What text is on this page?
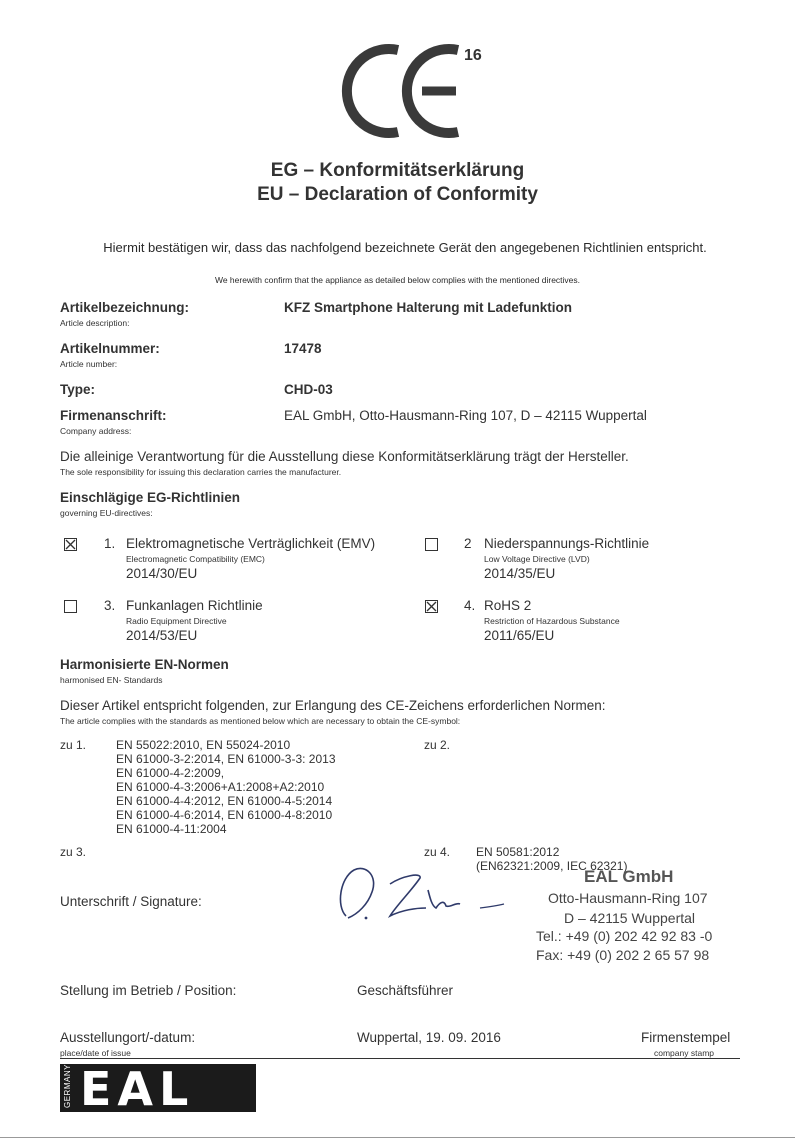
16
EG – Konformitätserklärung
EU – Declaration of Conformity
Hiermit bestätigen wir, dass das nachfolgend bezeichnete Gerät den angegebenen Richtlinien entspricht.
We herewith confirm that the appliance as detailed below complies with the mentioned directives.
Artikelbezeichnung:
Article description:
KFZ Smartphone Halterung mit Ladefunktion
Artikelnummer:
Article number:
17478
Type:	CHD-03
Firmenanschrift:
Company address:
EAL GmbH, Otto-Hausmann-Ring 107, D – 42115 Wuppertal
Die alleinige Verantwortung für die Ausstellung diese Konformitätserklärung trägt der Hersteller.
The sole responsibility for issuing this declaration carries the manufacturer.
Einschlägige EG-Richtlinien
governing EU-directives:
1. Elektromagnetische Verträglichkeit (EMV)
Electromagnetic Compatibility (EMC)
2014/30/EU
2 Niederspannungs-Richtlinie
Low Voltage Directive (LVD)
2014/35/EU
3. Funkanlagen Richtlinie
Radio Equipment Directive
2014/53/EU
4. RoHS 2
Restriction of Hazardous Substance
2011/65/EU
Harmonisierte EN-Normen
harmonised EN- Standards
Dieser Artikel entspricht folgenden, zur Erlangung des CE-Zeichens erforderlichen Normen:
The article complies with the standards as mentioned below which are necessary to obtain the CE-symbol:
zu 1. EN 55022:2010, EN 55024-2010
EN 61000-3-2:2014, EN 61000-3-3: 2013
EN 61000-4-2:2009,
EN 61000-4-3:2006+A1:2008+A2:2010
EN 61000-4-4:2012, EN 61000-4-5:2014
EN 61000-4-6:2014, EN 61000-4-8:2010
EN 61000-4-11:2004
zu 2.
zu 3.	zu 4. EN 50581:2012
(EN62321:2009, IEC 62321)
Unterschrift / Signature:
EAL GmbH
Otto-Hausmann-Ring 107
D – 42115 Wuppertal
Tel.: +49 (0) 202 42 92 83 -0
Fax: +49 (0) 202 2 65 57 98
Stellung im Betrieb / Position:	Geschäftsführer
Ausstellungort/-datum:
place/date of issue
Wuppertal, 19. 09. 2016	Firmenstempel
company stamp
GERMANY EAL
